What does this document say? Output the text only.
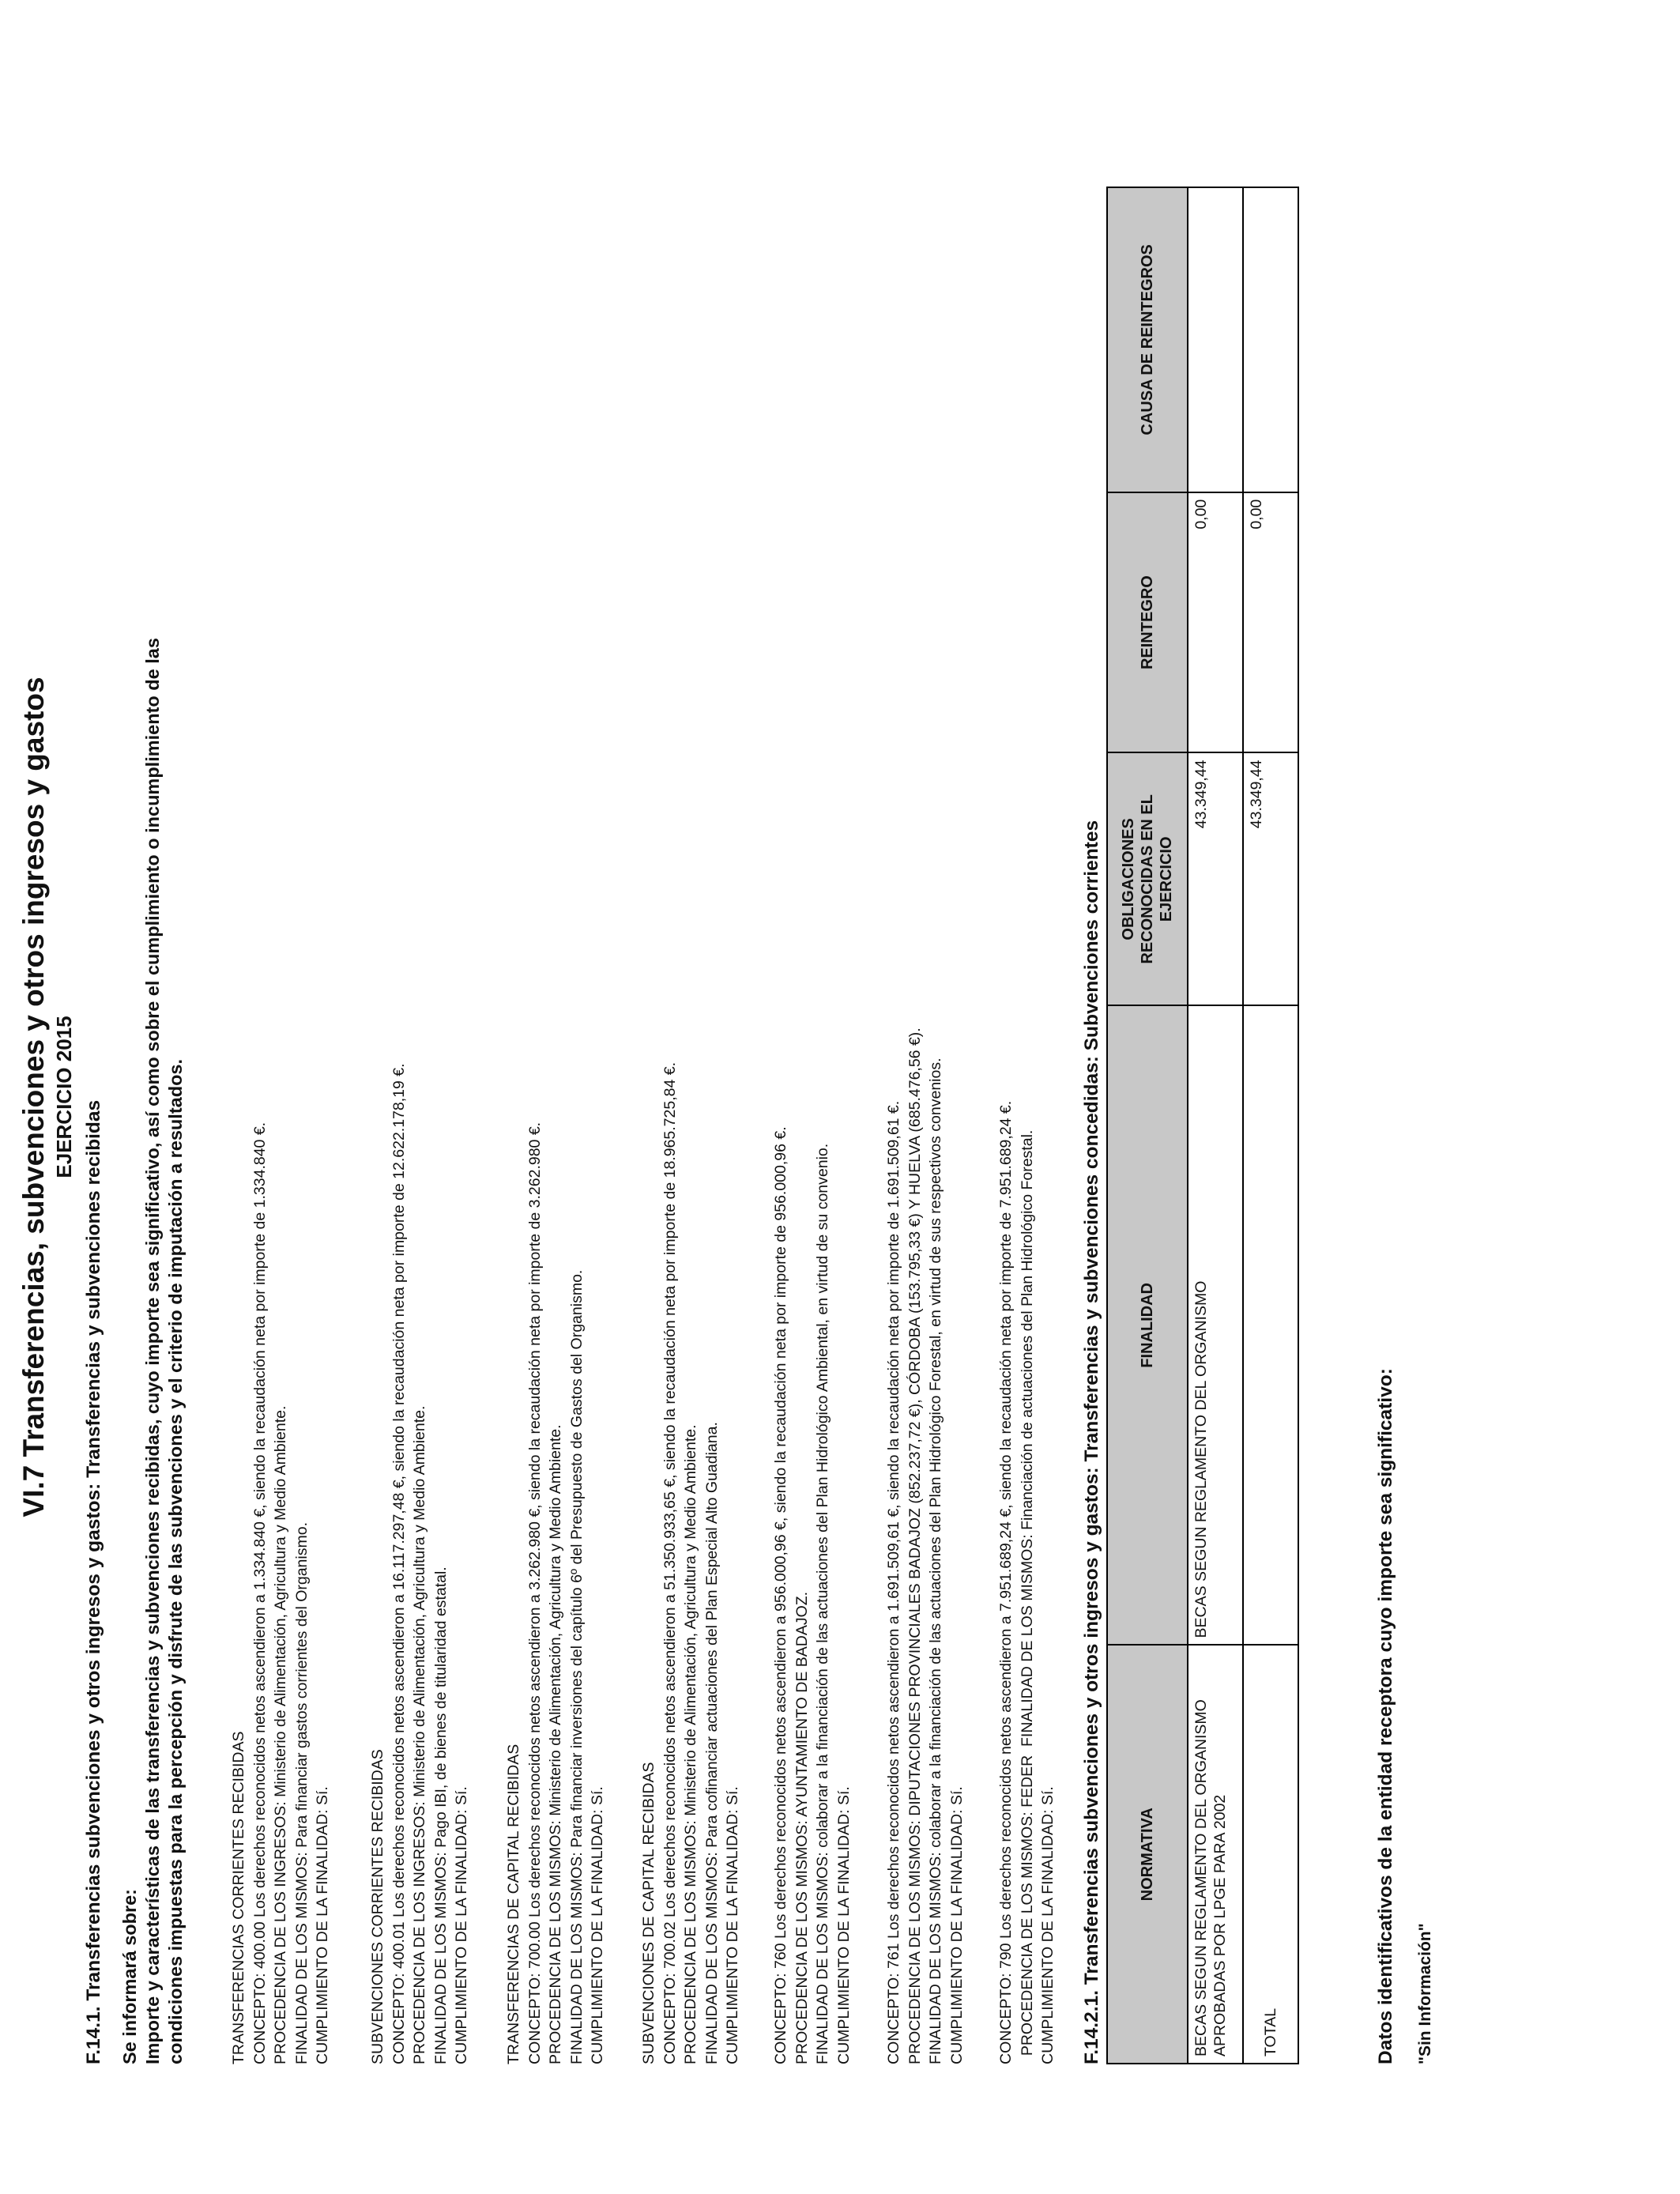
VI.7 Transferencias, subvenciones y otros ingresos y gastos EJERCICIO 2015
F.14.1. Transferencias subvenciones y otros ingresos y gastos: Transferencias y subvenciones recibidas Se informará sobre: Importe y características de las transferencias y subvenciones recibidas, cuyo importe sea significativo, así como sobre el cumplimiento o incumplimiento de las condiciones impuestas para la percepción y disfrute de las subvenciones y el criterio de imputación a resultados.	TRANSFERENCIAS CORRIENTES RECIBIDAS CONCEPTO: 400.00 Los derechos reconocidos netos ascendieron a 1.334.840 €, siendo la recaudación neta por importe de 1.334.840 €. PROCEDENCIA DE LOS INGRESOS: Ministerio de Alimentación, Agricultura y Medio Ambiente. FINALIDAD DE LOS MISMOS: Para financiar gastos corrientes del Organismo. CUMPLIMIENTO DE LA FINALIDAD: Sí. SUBVENCIONES CORRIENTES RECIBIDAS CONCEPTO: 400.01 Los derechos reconocidos netos ascendieron a 16.117.297,48 €, siendo la recaudación neta por importe de 12.622.178,19 €. PROCEDENCIA DE LOS INGRESOS: Ministerio de Alimentación, Agricultura y Medio Ambiente. FINALIDAD DE LOS MISMOS: Pago IBI, de bienes de titularidad estatal. CUMPLIMIENTO DE LA FINALIDAD: Sí. TRANSFERENCIAS DE CAPITAL RECIBIDAS CONCEPTO: 700.00 Los derechos reconocidos netos ascendieron a 3.262.980 €, siendo la recaudación neta por importe de 3.262.980 €. PROCEDENCIA DE LOS MISMOS: Ministerio de Alimentación, Agricultura y Medio Ambiente. FINALIDAD DE LOS MISMOS: Para financiar inversiones del capítulo 6º del Presupuesto de Gastos del Organismo. CUMPLIMIENTO DE LA FINALIDAD: Sí. SUBVENCIONES DE CAPITAL RECIBIDAS CONCEPTO: 700.02 Los derechos reconocidos netos ascendieron a 51.350.933,65 €, siendo la recaudación neta por importe de 18.965.725,84 €. PROCEDENCIA DE LOS MISMOS: Ministerio de Alimentación, Agricultura y Medio Ambiente. FINALIDAD DE LOS MISMOS: Para cofinanciar actuaciones del Plan Especial Alto Guadiana. CUMPLIMIENTO DE LA FINALIDAD: Sí. CONCEPTO: 760 Los derechos reconocidos netos ascendieron a 956.000,96 €, siendo la recaudación neta por importe de 956.000,96 €. PROCEDENCIA DE LOS MISMOS: AYUNTAMIENTO DE BADAJOZ. FINALIDAD DE LOS MISMOS: colaborar a la financiación de las actuaciones del Plan Hidrológico Ambiental, en virtud de su convenio. CUMPLIMIENTO DE LA FINALIDAD: Sí. CONCEPTO: 761 Los derechos reconocidos netos ascendieron a 1.691.509,61 €, siendo la recaudación neta por importe de 1.691.509,61 €. PROCEDENCIA DE LOS MISMOS: DIPUTACIONES PROVINCIALES BADAJOZ (852.237,72 €), CÓRDOBA (153.795,33 €) Y HUELVA (685.476,56 €). FINALIDAD DE LOS MISMOS: colaborar a la financiación de las actuaciones del Plan Hidrológico Forestal, en virtud de sus respectivos convenios. CUMPLIMIENTO DE LA FINALIDAD: Sí. CONCEPTO: 790 Los derechos reconocidos netos ascendieron a 7.951.689,24 €, siendo la recaudación neta por importe de 7.951.689,24 €. PROCEDENCIA DE LOS MISMOS: FEDER  FINALIDAD DE LOS MISMOS: Financiación de actuaciones del Plan Hidrológico Forestal. CUMPLIMIENTO DE LA FINALIDAD: Sí. F.14.2.1. Transferencias subvenciones y otros ingresos y gastos: Transferencias y subvenciones concedidas: Subvenciones corrientes NORMATIVA	FINALIDAD	OBLIGACIONES RECONOCIDAS EN EL EJERCICIO	REINTEGRO	CAUSA DE REINTEGROS
BECAS SEGUN REGLAMENTO DEL ORGANISMO APROBADAS POR LPGE PARA 2002	BECAS SEGUN REGLAMENTO DEL ORGANISMO	43.349,44	0,00	
TOTAL		43.349,44	0,00	
Datos identificativos de la entidad receptora cuyo importe sea significativo: "Sin Información"
